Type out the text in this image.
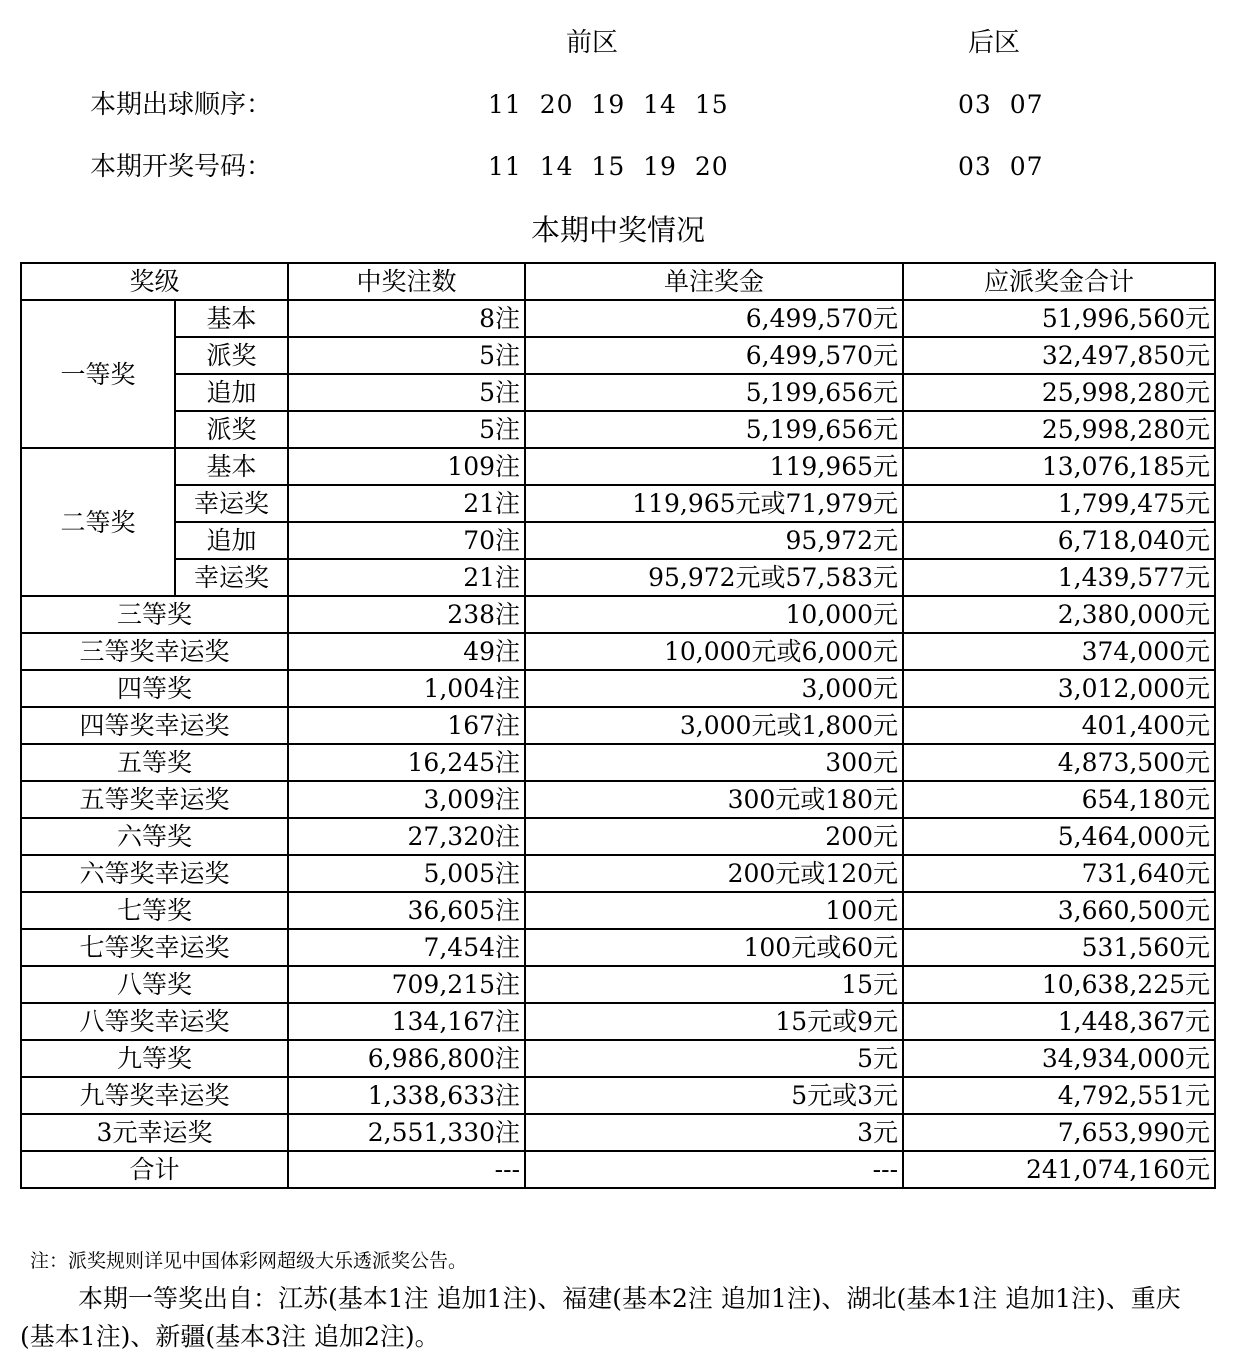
前区	后区
本期出球顺序：	11  20  19  14  15	03  07
本期开奖号码：	11  14  15  19  20	03  07
本期中奖情况
奖级		中奖注数	单注奖金	应派奖金合计
一等奖	基本	8注	6,499,570元	51,996,560元
	派奖	5注	6,499,570元	32,497,850元
	追加	5注	5,199,656元	25,998,280元
	派奖	5注	5,199,656元	25,998,280元
二等奖	基本	109注	119,965元	13,076,185元
	幸运奖	21注	119,965元或71,979元	1,799,475元
	追加	70注	95,972元	6,718,040元
	幸运奖	21注	95,972元或57,583元	1,439,577元
三等奖		238注	10,000元	2,380,000元
三等奖幸运奖		49注	10,000元或6,000元	374,000元
四等奖		1,004注	3,000元	3,012,000元
四等奖幸运奖		167注	3,000元或1,800元	401,400元
五等奖		16,245注	300元	4,873,500元
五等奖幸运奖		3,009注	300元或180元	654,180元
六等奖		27,320注	200元	5,464,000元
六等奖幸运奖		5,005注	200元或120元	731,640元
七等奖		36,605注	100元	3,660,500元
七等奖幸运奖		7,454注	100元或60元	531,560元
八等奖		709,215注	15元	10,638,225元
八等奖幸运奖		134,167注	15元或9元	1,448,367元
九等奖		6,986,800注	5元	34,934,000元
九等奖幸运奖		1,338,633注	5元或3元	4,792,551元
3元幸运奖		2,551,330注	3元	7,653,990元
合计		---	---	241,074,160元
注：派奖规则详见中国体彩网超级大乐透派奖公告。
本期一等奖出自：江苏(基本1注 追加1注)、福建(基本2注 追加1注)、湖北(基本1注 追加1注)、重庆(基本1注)、新疆(基本3注 追加2注)。
